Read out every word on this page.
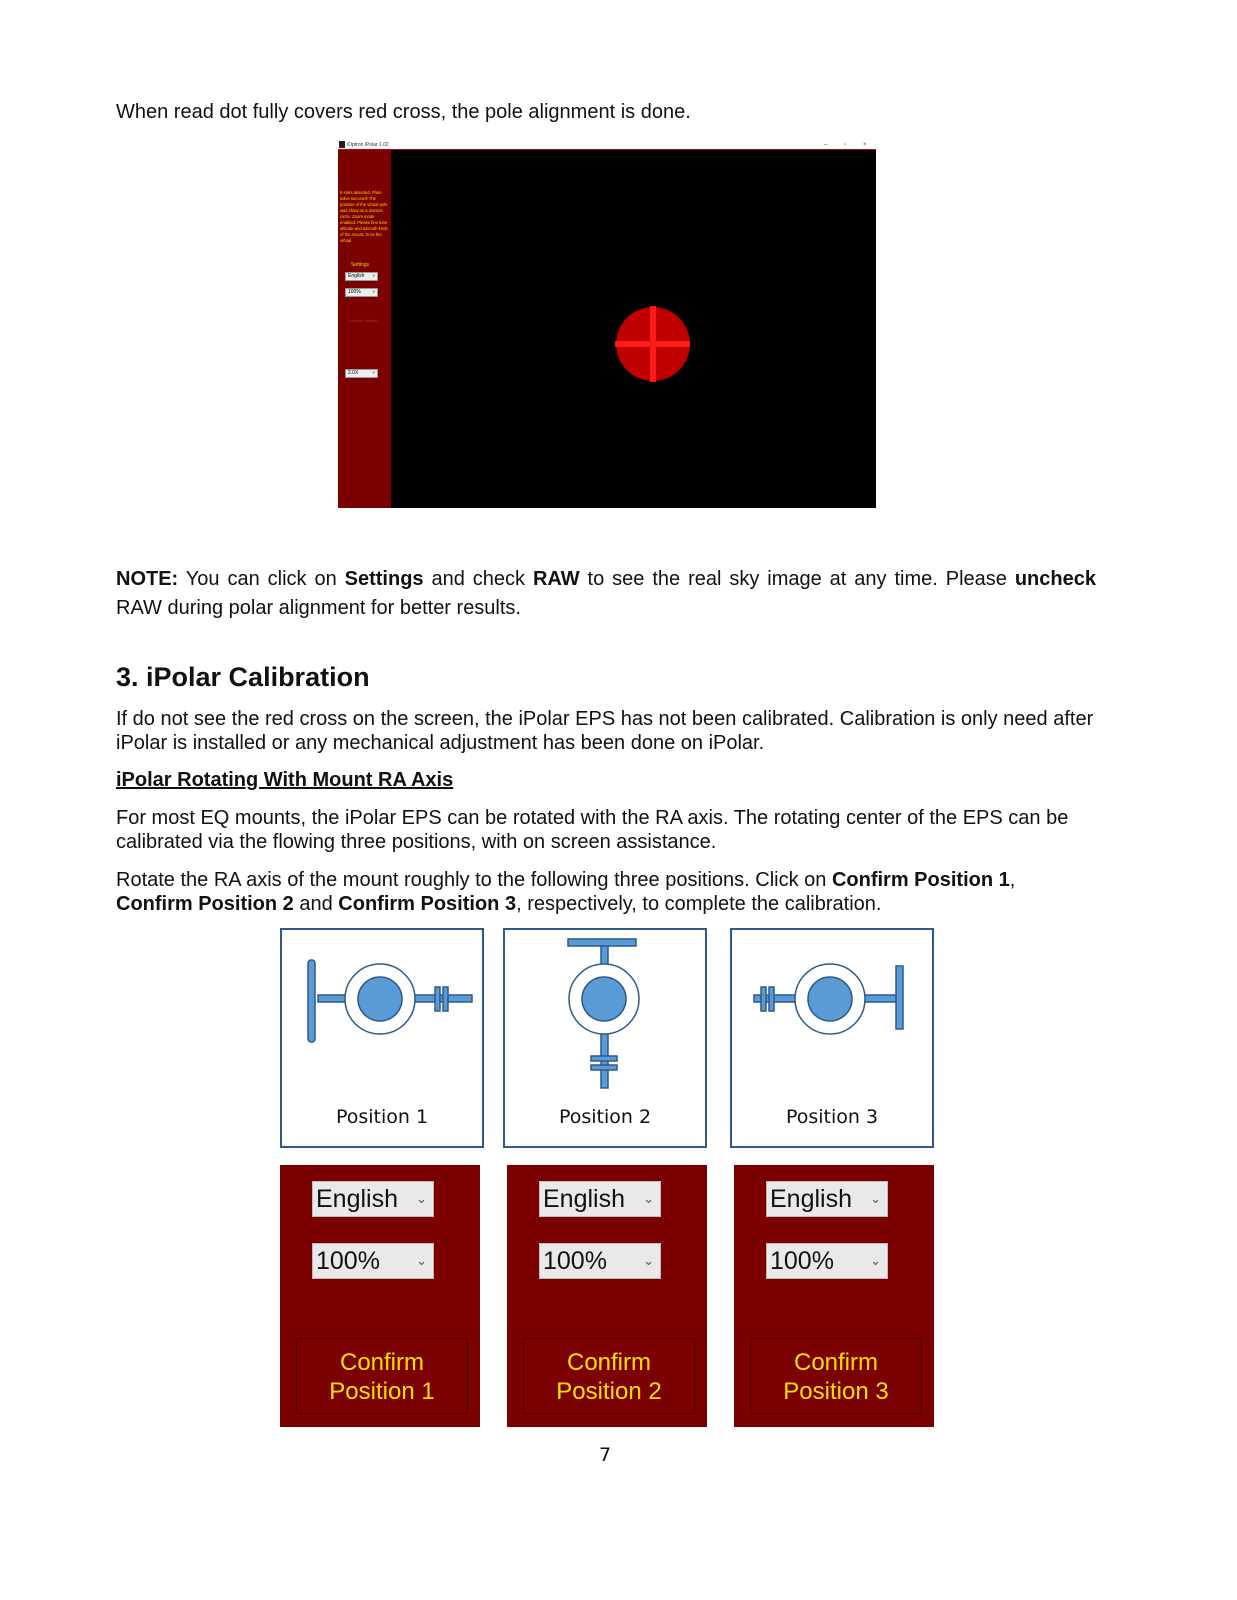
When read dot fully covers red cross, the pole alignment is done.
iOptron iPolar 1.02	–	▫	×
6 stars detected. Plate solve succeed! The position of the virtual pole was show as a maroon circle. Zoom mode enabled. Please fine tune altitude and azimuth knob of the mount, to let the virtual
Settings
English v
100% v
Confirm Position
2.0X	v
NOTE: You can click on Settings and check RAW to see the real sky image at any time. Please uncheck RAW during polar alignment for better results.
3. iPolar Calibration
If do not see the red cross on the screen, the iPolar EPS has not been calibrated. Calibration is only need after iPolar is installed or any mechanical adjustment has been done on iPolar.
iPolar Rotating With Mount RA Axis
For most EQ mounts, the iPolar EPS can be rotated with the RA axis. The rotating center of the EPS can be calibrated via the flowing three positions, with on screen assistance.
Rotate the RA axis of the mount roughly to the following three positions. Click on Confirm Position 1, Confirm Position 2 and Confirm Position 3, respectively, to complete the calibration.
Position 1	Position 2	Position 3
English ⌄
100%	⌄
Confirm
Position 1
English ⌄
100%	⌄
Confirm
Position 2
English ⌄
100%	⌄
Confirm
Position 3
7
